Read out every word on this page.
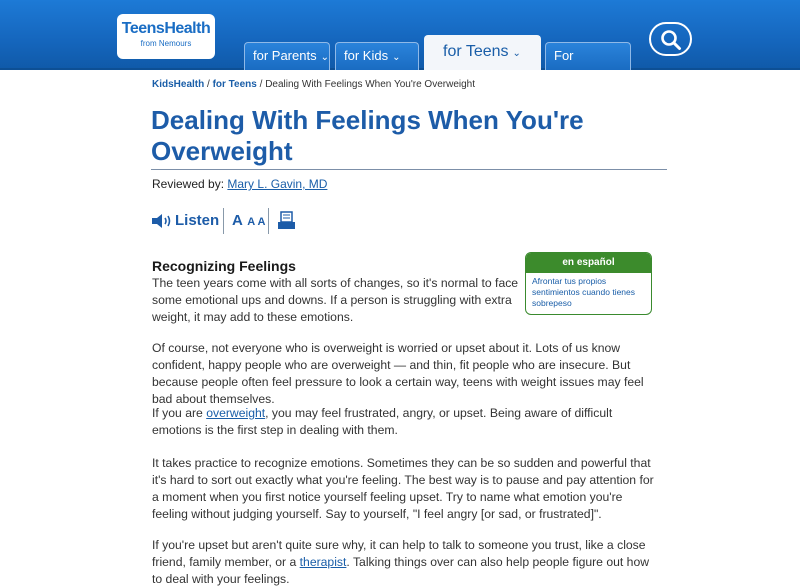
TeensHealth
from Nemours
for Parents ⌄	for Kids ⌄	for Teens ⌄	For Educators
KidsHealth / for Teens / Dealing With Feelings When You're Overweight
Dealing With Feelings When You're Overweight
Reviewed by: Mary L. Gavin, MD
Listen A A A
en español
Afrontar tus propios sentimientos cuando tienes sobrepeso
Recognizing Feelings

The teen years come with all sorts of changes, so it's normal to face some emotional ups and downs. If a person is struggling with extra weight, it may add to these emotions.

Of course, not everyone who is overweight is worried or upset about it. Lots of us know confident, happy people who are overweight — and thin, fit people who are insecure. But because people often feel pressure to look a certain way, teens with weight issues may feel bad about themselves.

If you are overweight, you may feel frustrated, angry, or upset. Being aware of difficult emotions is the first step in dealing with them.

It takes practice to recognize emotions. Sometimes they can be so sudden and powerful that it's hard to sort out exactly what you're feeling. The best way is to pause and pay attention for a moment when you first notice yourself feeling upset. Try to name what emotion you're feeling without judging yourself. Say to yourself, "I feel angry [or sad, or frustrated]".

If you're upset but aren't quite sure why, it can help to talk to someone you trust, like a close friend, family member, or a therapist. Talking things over can also help people figure out how to deal with your feelings.
